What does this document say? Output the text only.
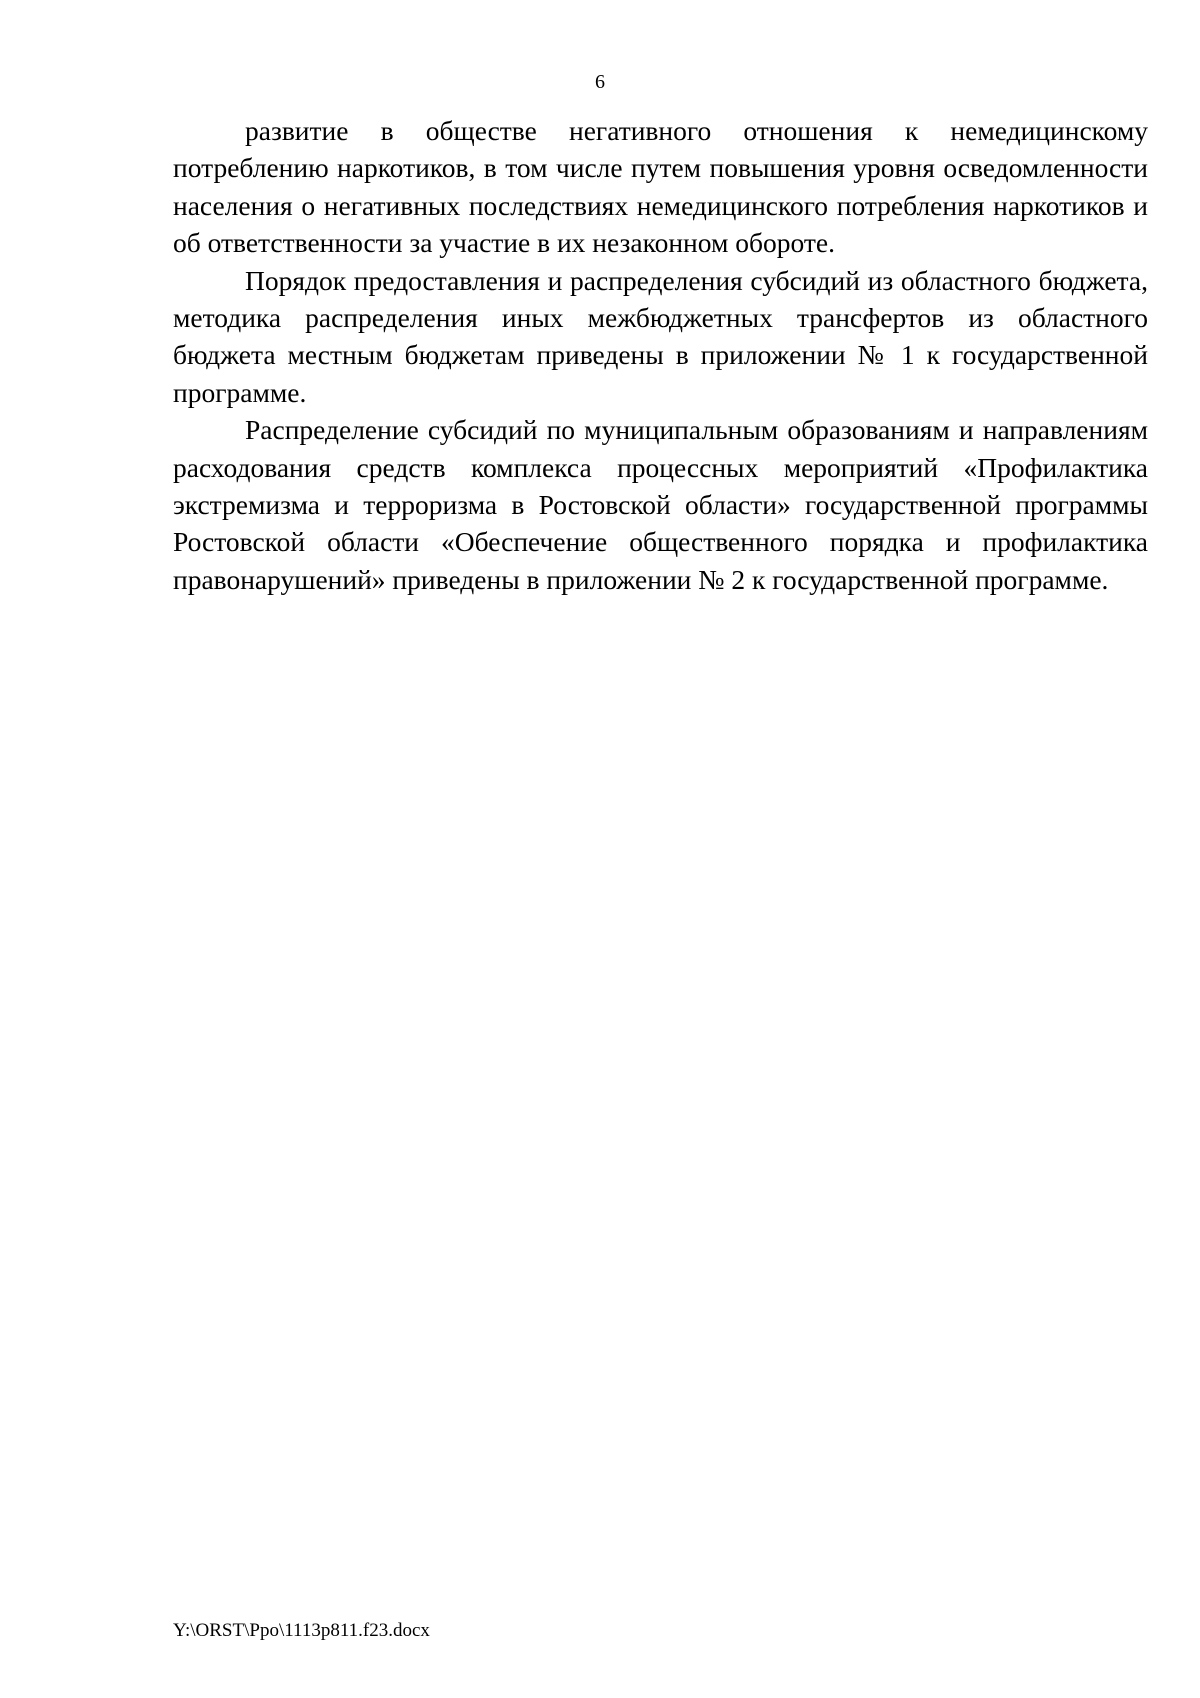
6

развитие в обществе негативного отношения к немедицинскому потреблению наркотиков, в том числе путем повышения уровня осведомленности населения о негативных последствиях немедицинского потребления наркотиков и об ответственности за участие в их незаконном обороте.

Порядок предоставления и распределения субсидий из областного бюджета, методика распределения иных межбюджетных трансфертов из областного бюджета местным бюджетам приведены в приложении № 1 к государственной программе.

Распределение субсидий по муниципальным образованиям и направлениям расходования средств комплекса процессных мероприятий «Профилактика экстремизма и терроризма в Ростовской области» государственной программы Ростовской области «Обеспечение общественного порядка и профилактика правонарушений» приведены в приложении № 2 к государственной программе.

Y:\ORST\Ppo\1113p811.f23.docx
